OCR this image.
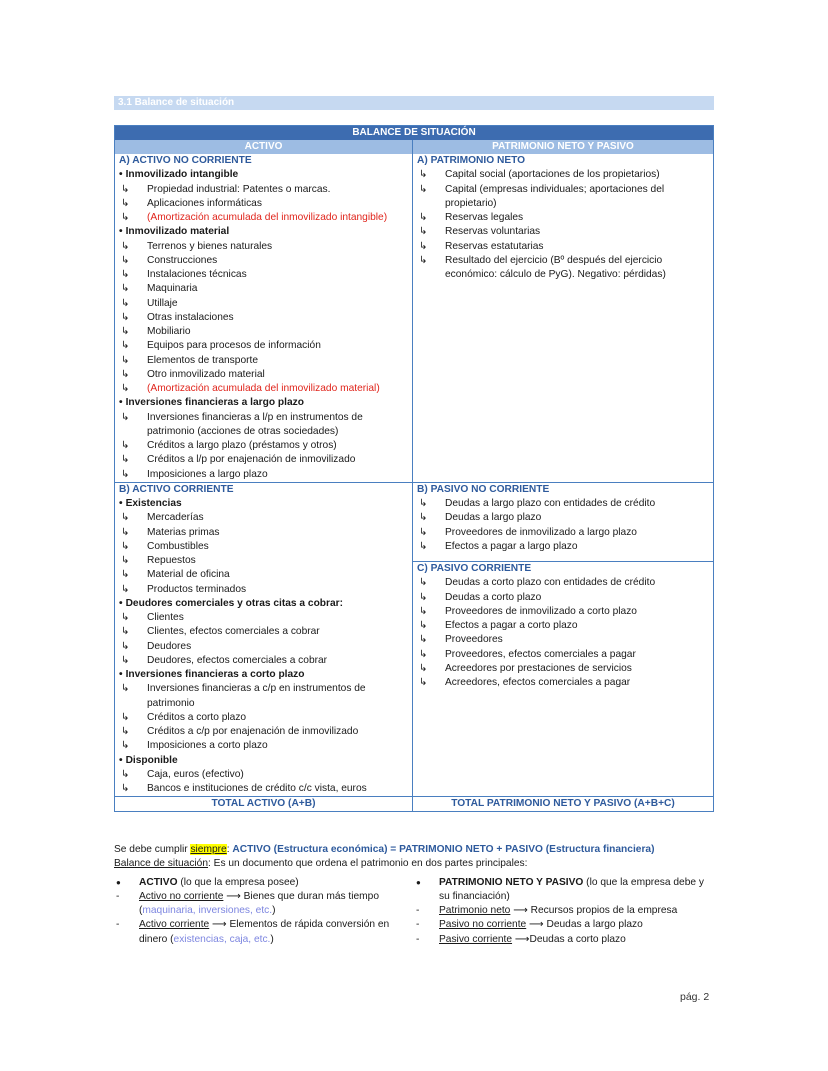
3.1 Balance de situación
BALANCE DE SITUACIÓN
ACTIVO	PATRIMONIO NETO Y PASIVO
A) ACTIVO NO CORRIENTE
• Inmovilizado intangible
↳ Propiedad industrial: Patentes o marcas.
↳ Aplicaciones informáticas
↳ (Amortización acumulada del inmovilizado intangible)
• Inmovilizado material
↳ Terrenos y bienes naturales
↳ Construcciones
↳ Instalaciones técnicas
↳ Maquinaria
↳ Utillaje
↳ Otras instalaciones
↳ Mobiliario
↳ Equipos para procesos de información
↳ Elementos de transporte
↳ Otro inmovilizado material
↳ (Amortización acumulada del inmovilizado material)
• Inversiones financieras a largo plazo
↳ Inversiones financieras a l/p en instrumentos de patrimonio (acciones de otras sociedades)
↳ Créditos a largo plazo (préstamos y otros)
↳ Créditos a l/p por enajenación de inmovilizado
↳ Imposiciones a largo plazo
A) PATRIMONIO NETO
↳ Capital social (aportaciones de los propietarios)
↳ Capital (empresas individuales; aportaciones del propietario)
↳ Reservas legales
↳ Reservas voluntarias
↳ Reservas estatutarias
↳ Resultado del ejercicio (Bº después del ejercicio económico: cálculo de PyG). Negativo: pérdidas)
B) ACTIVO CORRIENTE
• Existencias
↳ Mercaderías
↳ Materias primas
↳ Combustibles
↳ Repuestos
↳ Material de oficina
↳ Productos terminados
• Deudores comerciales y otras citas a cobrar:
↳ Clientes
↳ Clientes, efectos comerciales a cobrar
↳ Deudores
↳ Deudores, efectos comerciales a cobrar
• Inversiones financieras a corto plazo
↳ Inversiones financieras a c/p en instrumentos de patrimonio
↳ Créditos a corto plazo
↳ Créditos a c/p por enajenación de inmovilizado
↳ Imposiciones a corto plazo
• Disponible
↳ Caja, euros (efectivo)
↳ Bancos e instituciones de crédito c/c vista, euros
B) PASIVO NO CORRIENTE
↳ Deudas a largo plazo con entidades de crédito
↳ Deudas a largo plazo
↳ Proveedores de inmovilizado a largo plazo
↳ Efectos a pagar a largo plazo
C) PASIVO CORRIENTE
↳ Deudas a corto plazo con entidades de crédito
↳ Deudas a corto plazo
↳ Proveedores de inmovilizado a corto plazo
↳ Efectos a pagar a corto plazo
↳ Proveedores
↳ Proveedores, efectos comerciales a pagar
↳ Acreedores por prestaciones de servicios
↳ Acreedores, efectos comerciales a pagar
TOTAL ACTIVO (A+B)	TOTAL PATRIMONIO NETO Y PASIVO (A+B+C)
Se debe cumplir siempre: ACTIVO (Estructura económica) = PATRIMONIO NETO + PASIVO (Estructura financiera)
Balance de situación: Es un documento que ordena el patrimonio en dos partes principales:
● ACTIVO (lo que la empresa posee)
- Activo no corriente ⟶ Bienes que duran más tiempo (maquinaria, inversiones, etc.)
- Activo corriente ⟶ Elementos de rápida conversión en dinero (existencias, caja, etc.)
● PATRIMONIO NETO Y PASIVO (lo que la empresa debe y su financiación)
- Patrimonio neto ⟶ Recursos propios de la empresa
- Pasivo no corriente ⟶ Deudas a largo plazo
- Pasivo corriente ⟶Deudas a corto plazo
pág. 2
